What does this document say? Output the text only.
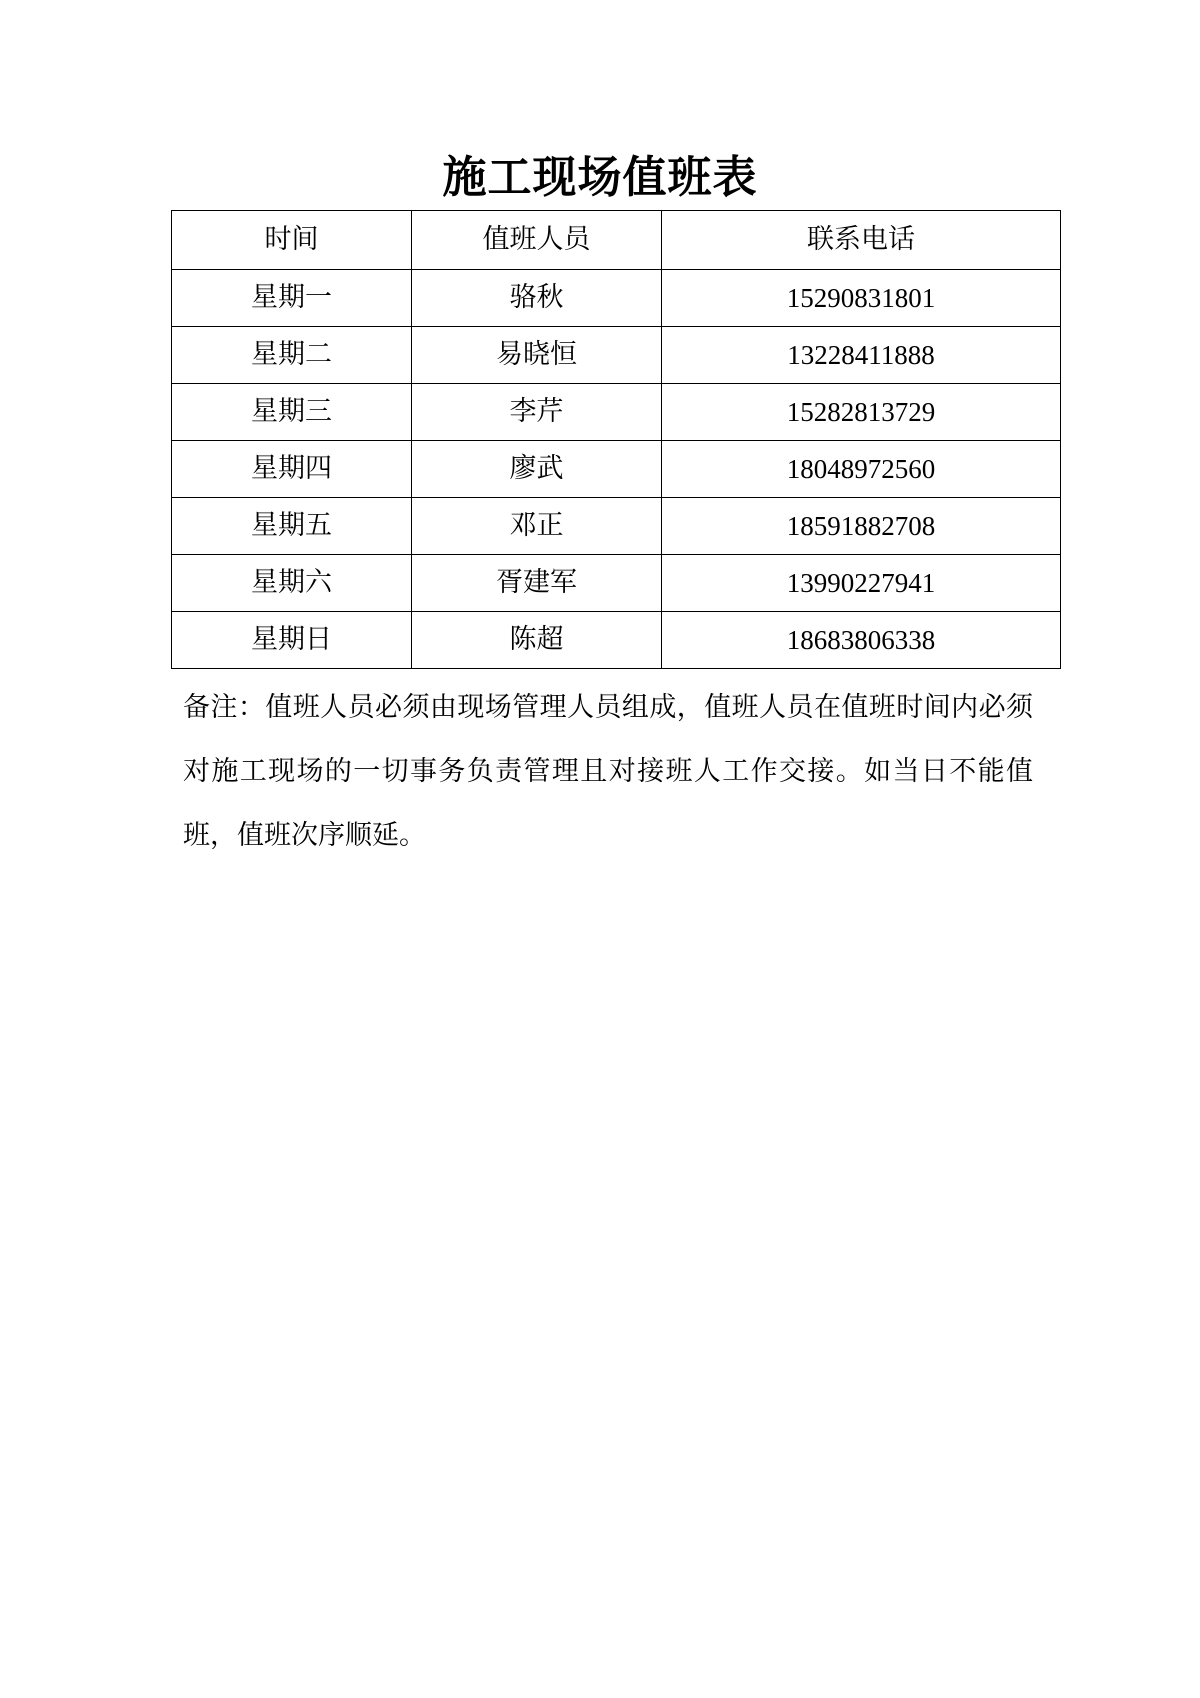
施工现场值班表
时间	值班人员	联系电话
星期一	骆秋	15290831801
星期二	易晓恒	13228411888
星期三	李芹	15282813729
星期四	廖武	18048972560
星期五	邓正	18591882708
星期六	胥建军	13990227941
星期日	陈超	18683806338

备注：值班人员必须由现场管理人员组成，值班人员在值班时间内必须对施工现场的一切事务负责管理且对接班人工作交接。如当日不能值班，值班次序顺延。
